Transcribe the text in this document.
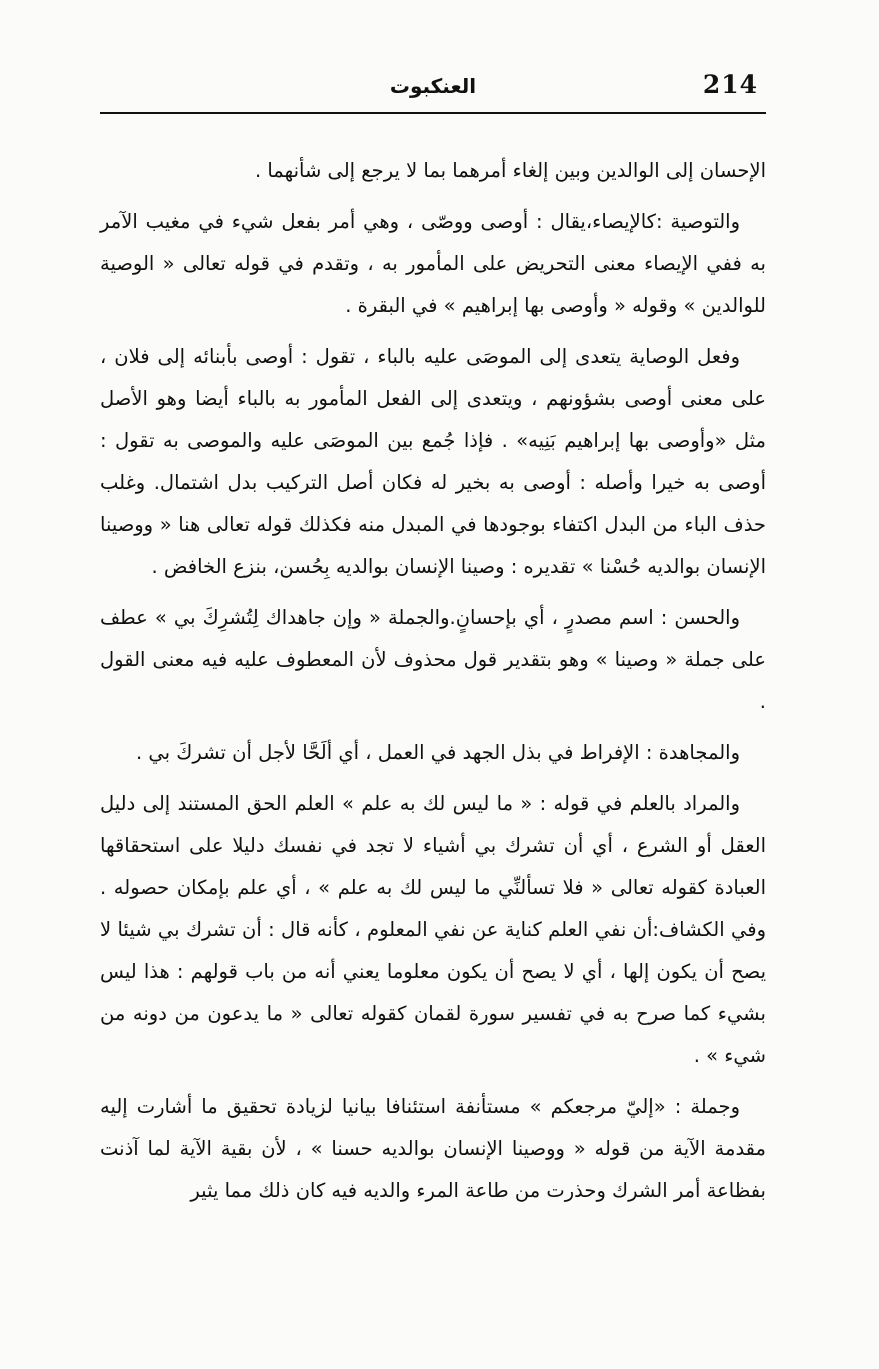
214
العنكبوت

الإحسان إلى الوالدين وبين إلغاء أمرهما بما لا يرجع إلى شأنهما .

والتوصية :كالإيصاء،يقال : أوصى ووصّى ، وهي أمر بفعل شيء في مغيب الآمر به ففي الإيصاء معنى التحريض على المأمور به ، وتقدم في قوله تعالى « الوصية للوالدين » وقوله « وأوصى بها إبراهيم » في البقرة .

وفعل الوصاية يتعدى إلى الموصَى عليه بالباء ، تقول : أوصى بأبنائه إلى فلان ، على معنى أوصى بشؤونهم ، ويتعدى إلى الفعل المأمور به بالباء أيضا وهو الأصل مثل «وأوصى بها إبراهيم بَنِيه» . فإذا جُمع بين الموصَى عليه والموصى به تقول : أوصى به خيرا وأصله : أوصى به بخير له فكان أصل التركيب بدل اشتمال. وغلب حذف الباء من البدل اكتفاء بوجودها في المبدل منه فكذلك قوله تعالى هنا « ووصينا الإنسان بوالديه حُسْنا » تقديره : وصينا الإنسان بوالديه بِحُسن، بنزع الخافض .

والحسن : اسم مصدرٍ ، أي بإحسانٍ.والجملة « وإن جاهداك لِتُشرِكَ بي » عطف على جملة « وصينا » وهو بتقدير قول محذوف لأن المعطوف عليه فيه معنى القول .

والمجاهدة : الإفراط في بذل الجهد في العمل ، أي ألَحَّا لأجل أن تشركَ بي .

والمراد بالعلم في قوله : « ما ليس لك به علم » العلم الحق المستند إلى دليل العقل أو الشرع ، أي أن تشرك بي أشياء لا تجد في نفسك دليلا على استحقاقها العبادة كقوله تعالى « فلا تسألنِّي ما ليس لك به علم » ، أي علم بإمكان حصوله . وفي الكشاف:أن نفي العلم كناية عن نفي المعلوم ، كأنه قال : أن تشرك بي شيئا لا يصح أن يكون إلها ، أي لا يصح أن يكون معلوما يعني أنه من باب قولهم : هذا ليس بشيء كما صرح به في تفسير سورة لقمان كقوله تعالى « ما يدعون من دونه من شيء » .

وجملة : «إليّ مرجعكم » مستأنفة استئنافا بيانيا لزيادة تحقيق ما أشارت إليه مقدمة الآية من قوله « ووصينا الإنسان بوالديه حسنا » ، لأن بقية الآية لما آذنت بفظاعة أمر الشرك وحذرت من طاعة المرء والديه فيه كان ذلك مما يثير
